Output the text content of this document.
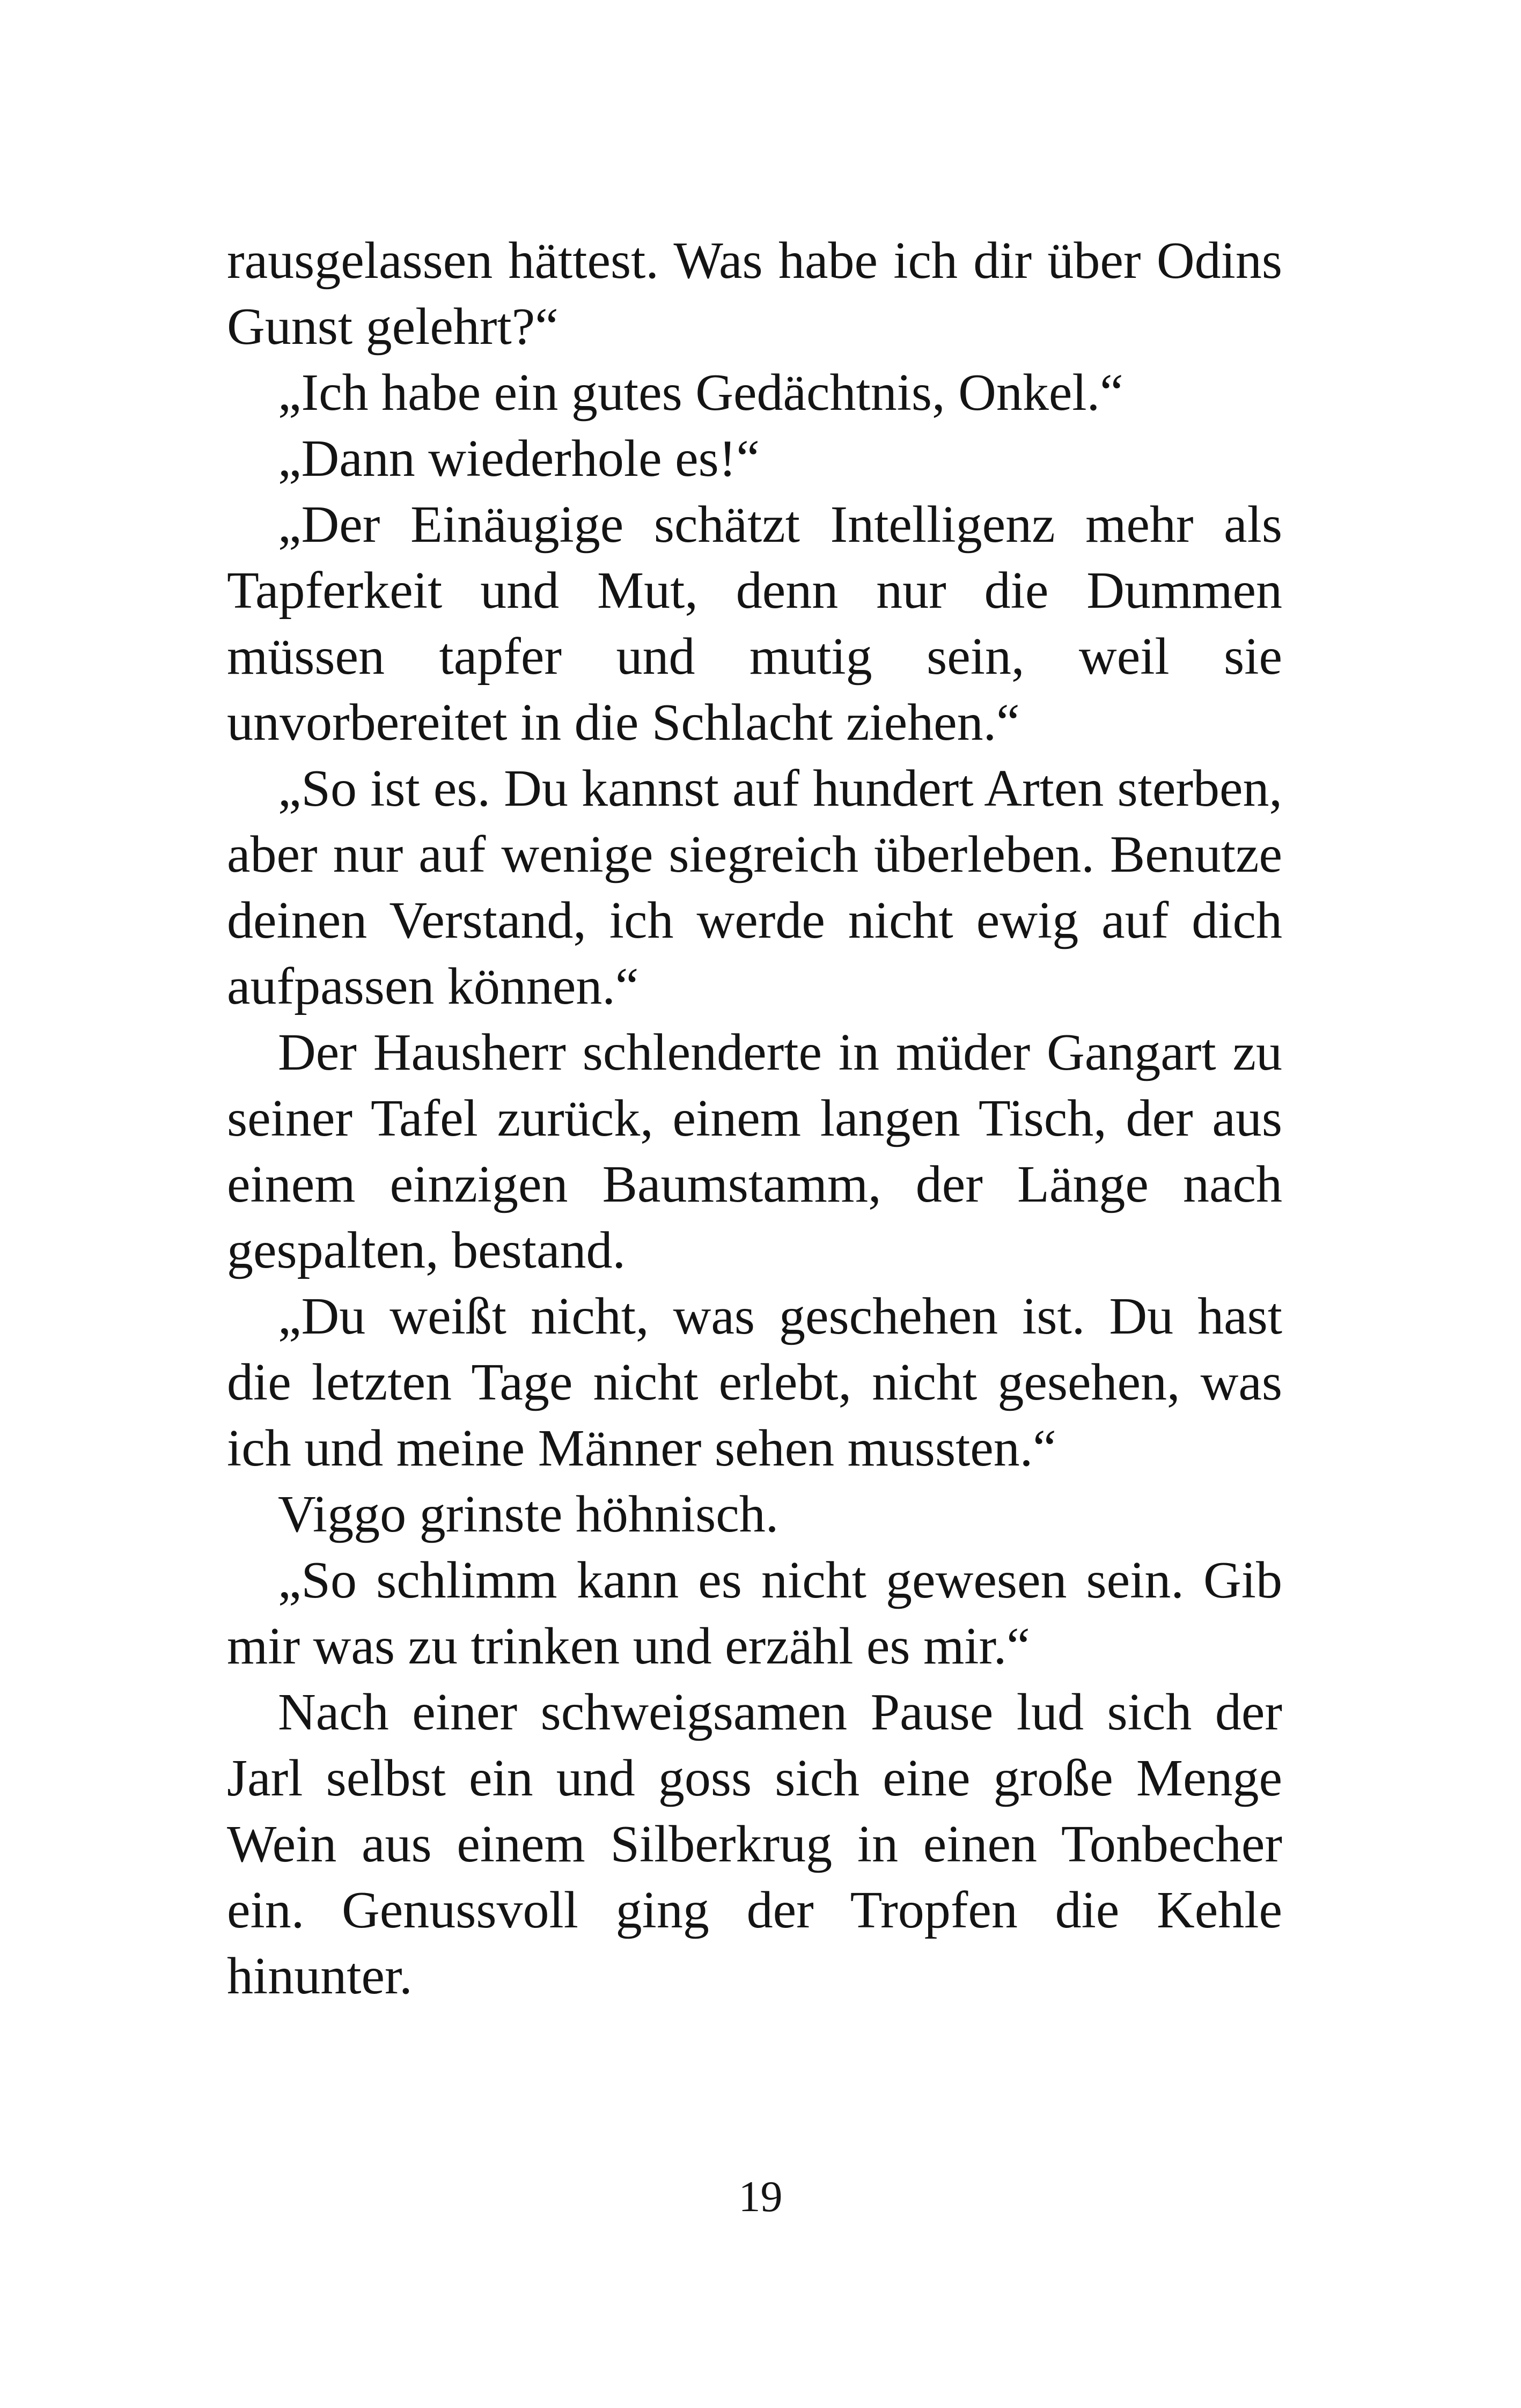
rausgelassen hättest. Was habe ich dir über Odins Gunst gelehrt?“

„Ich habe ein gutes Gedächtnis, Onkel.“

„Dann wiederhole es!“

„Der Einäugige schätzt Intelligenz mehr als Tapferkeit und Mut, denn nur die Dummen müssen tapfer und mutig sein, weil sie unvorbereitet in die Schlacht ziehen.“

„So ist es. Du kannst auf hundert Arten sterben, aber nur auf wenige siegreich überleben. Benutze deinen Verstand, ich werde nicht ewig auf dich aufpassen können.“

Der Hausherr schlenderte in müder Gangart zu seiner Tafel zurück, einem langen Tisch, der aus einem einzigen Baumstamm, der Länge nach gespalten, bestand.

„Du weißt nicht, was geschehen ist. Du hast die letzten Tage nicht erlebt, nicht gesehen, was ich und meine Männer sehen mussten.“

Viggo grinste höhnisch.

„So schlimm kann es nicht gewesen sein. Gib mir was zu trinken und erzähl es mir.“

Nach einer schweigsamen Pause lud sich der Jarl selbst ein und goss sich eine große Menge Wein aus einem Silberkrug in einen Tonbecher ein. Genussvoll ging der Tropfen die Kehle hinunter.

19
